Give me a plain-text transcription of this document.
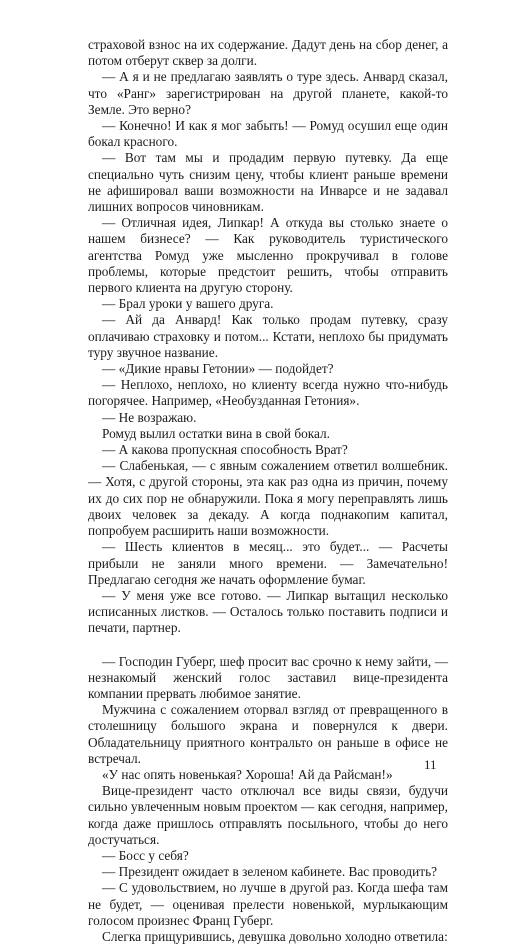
страховой взнос на их содержание. Дадут день на сбор денег, а потом отберут сквер за долги.

— А я и не предлагаю заявлять о туре здесь. Анвард сказал, что «Ранг» зарегистрирован на другой планете, какой-то Земле. Это верно?

— Конечно! И как я мог забыть! — Ромуд осушил еще один бокал красного.

— Вот там мы и продадим первую путевку. Да еще специально чуть снизим цену, чтобы клиент раньше времени не афишировал ваши возможности на Инварсе и не задавал лишних вопросов чиновникам.

— Отличная идея, Липкар! А откуда вы столько знаете о нашем бизнесе? — Как руководитель туристического агентства Ромуд уже мысленно прокручивал в голове проблемы, которые предстоит решить, чтобы отправить первого клиента на другую сторону.

— Брал уроки у вашего друга.

— Ай да Анвард! Как только продам путевку, сразу оплачиваю страховку и потом... Кстати, неплохо бы придумать туру звучное название.

— «Дикие нравы Гетонии» — подойдет?

— Неплохо, неплохо, но клиенту всегда нужно что-нибудь погорячее. Например, «Необузданная Гетония».

— Не возражаю.

Ромуд вылил остатки вина в свой бокал.

— А какова пропускная способность Врат?

— Слабенькая, — с явным сожалением ответил волшебник. — Хотя, с другой стороны, эта как раз одна из причин, почему их до сих пор не обнаружили. Пока я могу переправлять лишь двоих человек за декаду. А когда поднакопим капитал, попробуем расширить наши возможности.

— Шесть клиентов в месяц... это будет... — Расчеты прибыли не заняли много времени. — Замечательно! Предлагаю сегодня же начать оформление бумаг.

— У меня уже все готово. — Липкар вытащил несколько исписанных листков. — Осталось только поставить подписи и печати, партнер.

— Господин Губерг, шеф просит вас срочно к нему зайти, — незнакомый женский голос заставил вице-президента компании прервать любимое занятие.

Мужчина с сожалением оторвал взгляд от превращенного в столешницу большого экрана и повернулся к двери. Обладательницу приятного контральто он раньше в офисе не встречал.

«У нас опять новенькая? Хороша! Ай да Райсман!»

Вице-президент часто отключал все виды связи, будучи сильно увлеченным новым проектом — как сегодня, например, когда даже пришлось отправлять посыльного, чтобы до него достучаться.

— Босс у себя?

— Президент ожидает в зеленом кабинете. Вас проводить?

— С удовольствием, но лучше в другой раз. Когда шефа там не будет, — оценивая прелести новенькой, мурлыкающим голосом произнес Франц Губерг.

Слегка прищурившись, девушка довольно холодно ответила:

11
